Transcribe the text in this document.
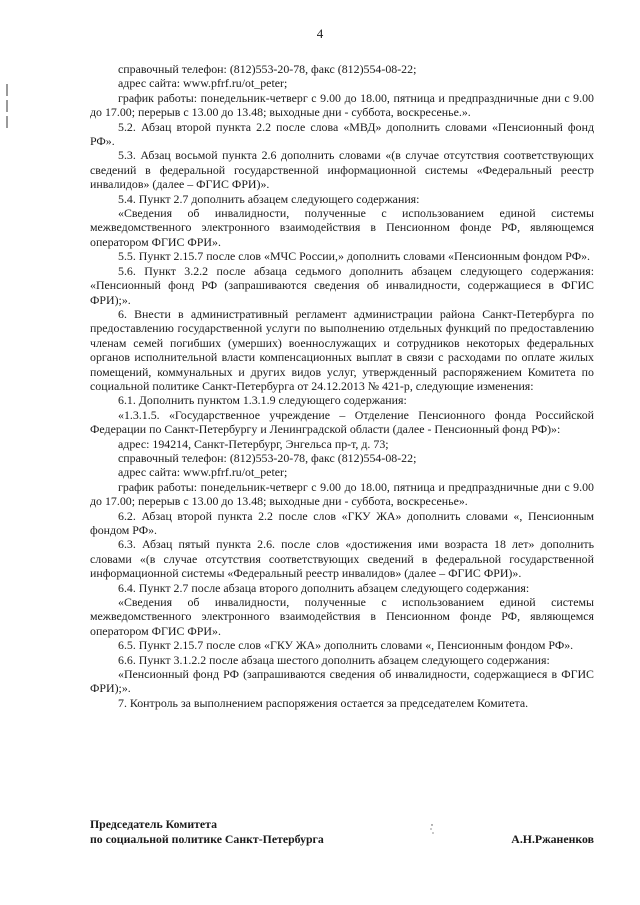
4

справочный телефон: (812)553-20-78, факс (812)554-08-22;

адрес сайта: www.pfrf.ru/ot_peter;

график работы: понедельник-четверг с 9.00 до 18.00, пятница и предпраздничные дни с 9.00 до 17.00; перерыв с 13.00 до 13.48; выходные дни - суббота, воскресенье.».

5.2. Абзац второй пункта 2.2 после слова «МВД» дополнить словами «Пенсионный фонд РФ».

5.3. Абзац восьмой пункта 2.6 дополнить словами «(в случае отсутствия соответствующих сведений в федеральной государственной информационной системы «Федеральный реестр инвалидов» (далее – ФГИС ФРИ)».

5.4. Пункт 2.7 дополнить абзацем следующего содержания:

«Сведения об инвалидности, полученные с использованием единой системы межведомственного электронного взаимодействия в Пенсионном фонде РФ, являющемся оператором ФГИС ФРИ».

5.5. Пункт 2.15.7 после слов «МЧС России,» дополнить словами «Пенсионным фондом РФ».

5.6. Пункт 3.2.2 после абзаца седьмого дополнить абзацем следующего содержания: «Пенсионный фонд РФ (запрашиваются сведения об инвалидности, содержащиеся в ФГИС ФРИ);».

6. Внести в административный регламент администрации района Санкт-Петербурга по предоставлению государственной услуги по выполнению отдельных функций по предоставлению членам семей погибших (умерших) военнослужащих и сотрудников некоторых федеральных органов исполнительной власти компенсационных выплат в связи с расходами по оплате жилых помещений, коммунальных и других видов услуг, утвержденный распоряжением Комитета по социальной политике Санкт-Петербурга от 24.12.2013 № 421-р, следующие изменения:

6.1. Дополнить пунктом 1.3.1.9 следующего содержания:

«1.3.1.5. «Государственное учреждение – Отделение Пенсионного фонда Российской Федерации по Санкт-Петербургу и Ленинградской области (далее - Пенсионный фонд РФ)»:

адрес: 194214, Санкт-Петербург, Энгельса пр-т, д. 73;

справочный телефон: (812)553-20-78, факс (812)554-08-22;

адрес сайта: www.pfrf.ru/ot_peter;

график работы: понедельник-четверг с 9.00 до 18.00, пятница и предпраздничные дни с 9.00 до 17.00; перерыв с 13.00 до 13.48; выходные дни - суббота, воскресенье».

6.2. Абзац второй пункта 2.2 после слов «ГКУ ЖА» дополнить словами «, Пенсионным фондом РФ».

6.3. Абзац пятый пункта 2.6. после слов «достижения ими возраста 18 лет» дополнить словами «(в случае отсутствия соответствующих сведений в федеральной государственной информационной системы «Федеральный реестр инвалидов» (далее – ФГИС ФРИ)».

6.4. Пункт 2.7 после абзаца второго дополнить абзацем следующего содержания:

«Сведения об инвалидности, полученные с использованием единой системы межведомственного электронного взаимодействия в Пенсионном фонде РФ, являющемся оператором ФГИС ФРИ».

6.5. Пункт 2.15.7 после слов «ГКУ ЖА» дополнить словами «, Пенсионным фондом РФ».

6.6. Пункт 3.1.2.2 после абзаца шестого дополнить абзацем следующего содержания:

«Пенсионный фонд РФ (запрашиваются сведения об инвалидности, содержащиеся в ФГИС ФРИ);».

7. Контроль за выполнением распоряжения остается за председателем Комитета.

Председатель Комитета
по социальной политике Санкт-Петербурга	А.Н.Ржаненков
